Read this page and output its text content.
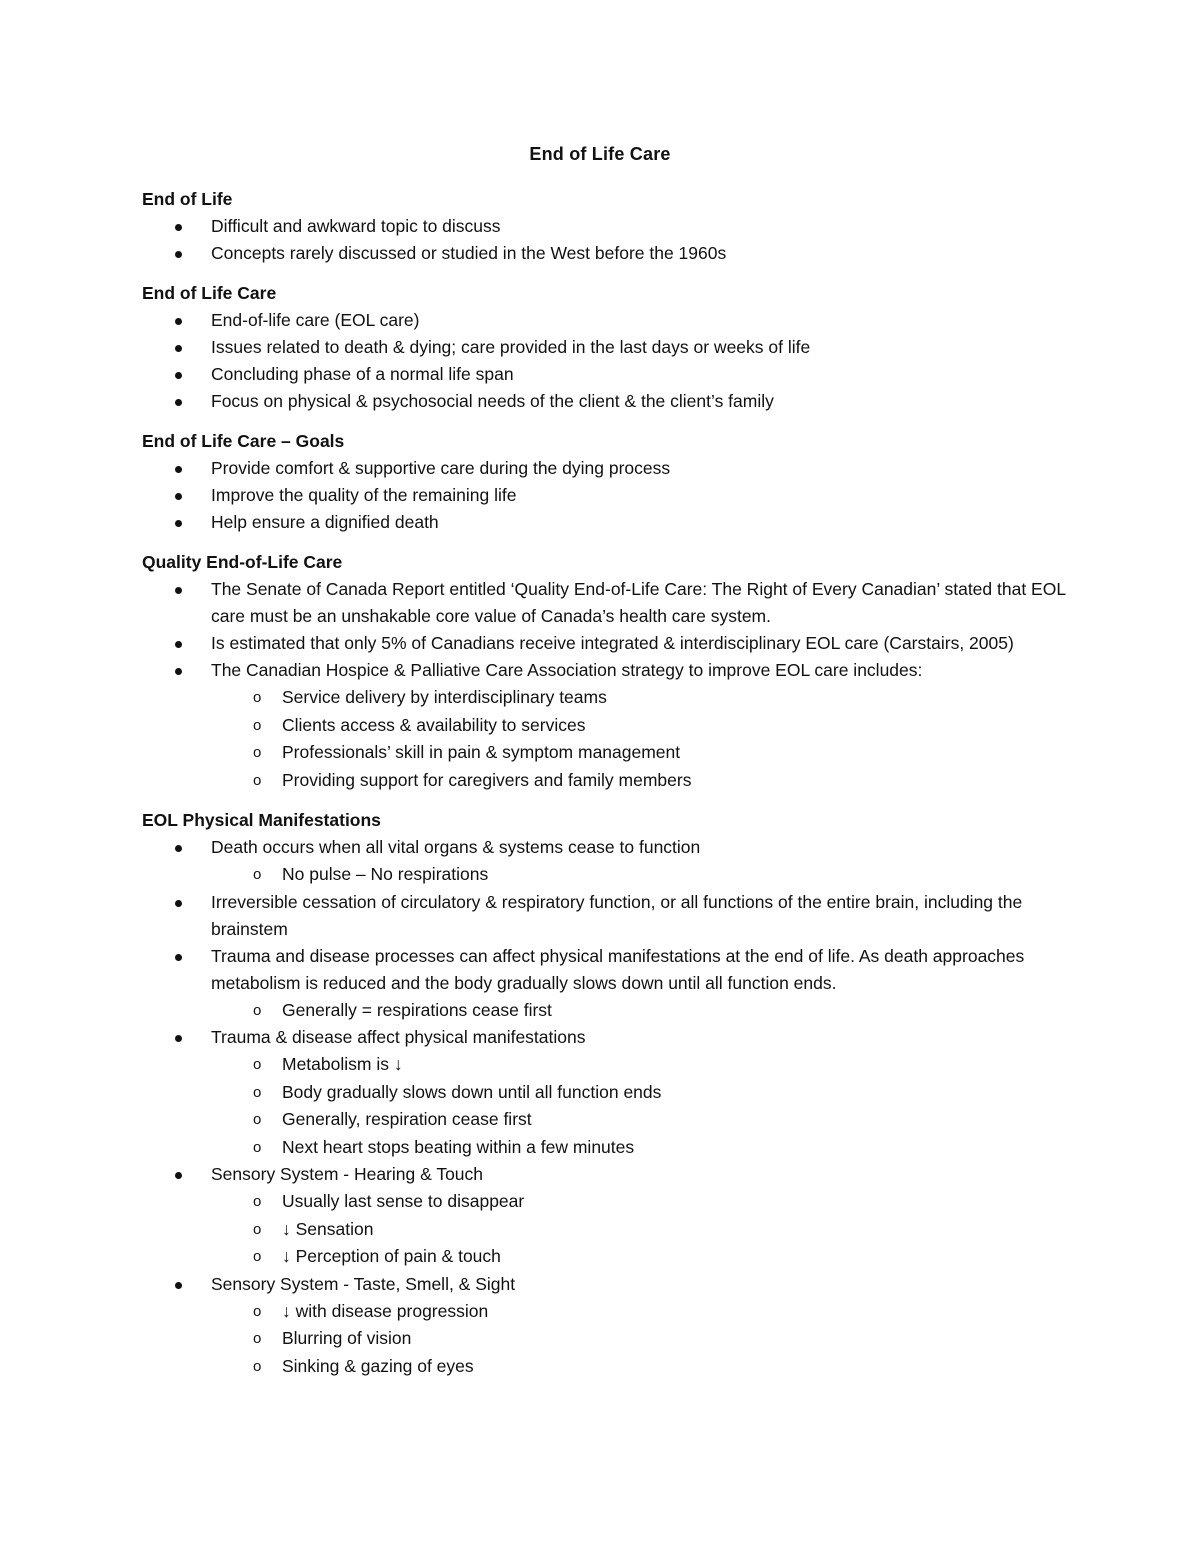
End of Life Care
End of Life
Difficult and awkward topic to discuss
Concepts rarely discussed or studied in the West before the 1960s
End of Life Care
End-of-life care (EOL care)
Issues related to death & dying; care provided in the last days or weeks of life
Concluding phase of a normal life span
Focus on physical & psychosocial needs of the client & the client’s family
End of Life Care – Goals
Provide comfort & supportive care during the dying process
Improve the quality of the remaining life
Help ensure a dignified death
Quality End-of-Life Care
The Senate of Canada Report entitled ‘Quality End-of-Life Care: The Right of Every Canadian’ stated that EOL care must be an unshakable core value of Canada’s health care system.
Is estimated that only 5% of Canadians receive integrated & interdisciplinary EOL care (Carstairs, 2005)
The Canadian Hospice & Palliative Care Association strategy to improve EOL care includes:
o Service delivery by interdisciplinary teams
o Clients access & availability to services
o Professionals’ skill in pain & symptom management
o Providing support for caregivers and family members
EOL Physical Manifestations
Death occurs when all vital organs & systems cease to function
o No pulse – No respirations
Irreversible cessation of circulatory & respiratory function, or all functions of the entire brain, including the brainstem
Trauma and disease processes can affect physical manifestations at the end of life. As death approaches metabolism is reduced and the body gradually slows down until all function ends.
o Generally = respirations cease first
Trauma & disease affect physical manifestations
o Metabolism is ↓
o Body gradually slows down until all function ends
o Generally, respiration cease first
o Next heart stops beating within a few minutes
Sensory System - Hearing & Touch
o Usually last sense to disappear
o ↓ Sensation
o ↓ Perception of pain & touch
Sensory System - Taste, Smell, & Sight
o ↓ with disease progression
o Blurring of vision
o Sinking & gazing of eyes
